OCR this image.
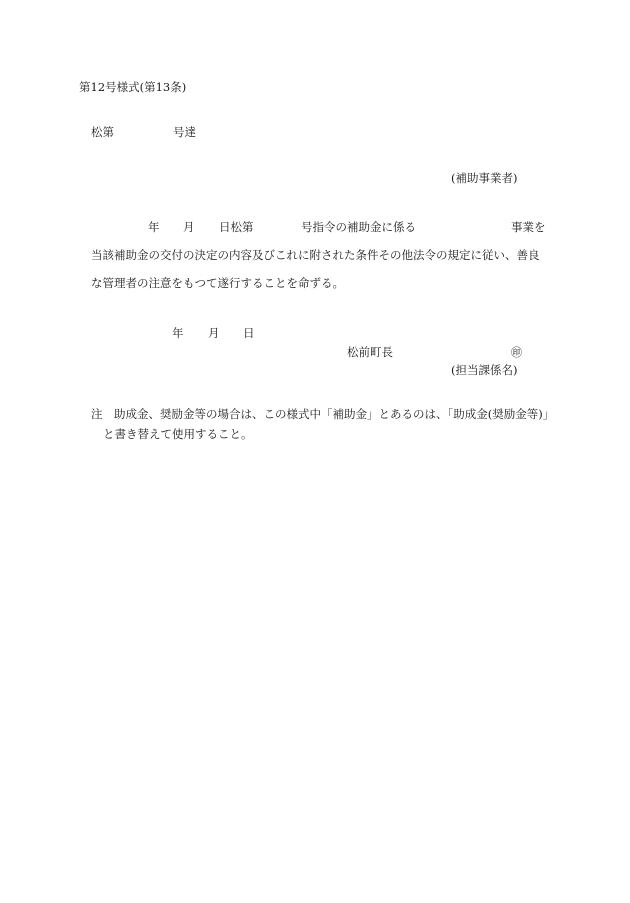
第12号様式(第13条)
松第	号達
(補助事業者)
年 月 日松第	号指令の補助金に係る	事業を
当該補助金の交付の決定の内容及びこれに附された条件その他法令の規定に従い、善良
な管理者の注意をもつて遂行することを命ずる。
年 月 日
松前町長	㊞
(担当課係名)
注 助成金、奨励金等の場合は、この様式中「補助金」とあるのは、「助成金(奨励金等)」
と書き替えて使用すること。
